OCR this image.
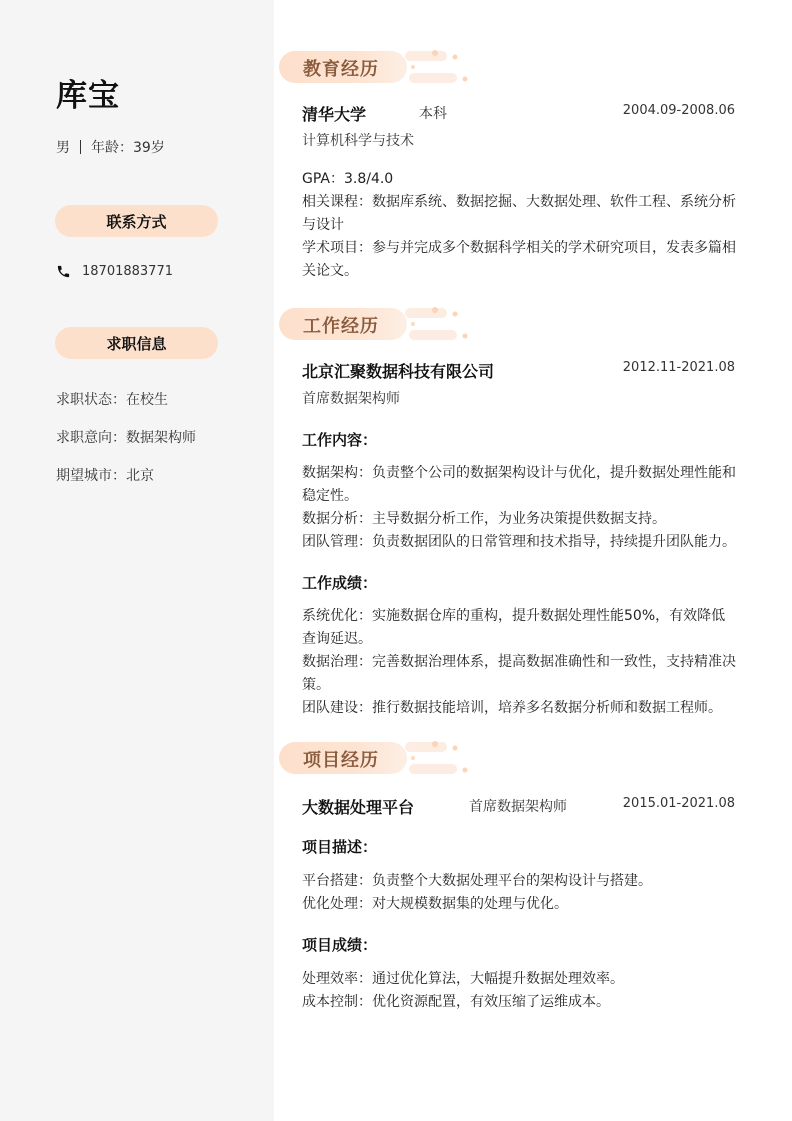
库宝
男 年龄：39岁
联系方式
18701883771
求职信息
求职状态：在校生
求职意向：数据架构师
期望城市：北京
教育经历
清华大学	本科	2004.09-2008.06
计算机科学与技术
GPA：3.8/4.0
相关课程：数据库系统、数据挖掘、大数据处理、软件工程、系统分析与设计
学术项目：参与并完成多个数据科学相关的学术研究项目，发表多篇相关论文。
工作经历
北京汇聚数据科技有限公司	2012.11-2021.08
首席数据架构师
工作内容：
数据架构：负责整个公司的数据架构设计与优化，提升数据处理性能和稳定性。
数据分析：主导数据分析工作，为业务决策提供数据支持。
团队管理：负责数据团队的日常管理和技术指导，持续提升团队能力。
工作成绩：
系统优化：实施数据仓库的重构，提升数据处理性能50%，有效降低查询延迟。
数据治理：完善数据治理体系，提高数据准确性和一致性，支持精准决策。
团队建设：推行数据技能培训，培养多名数据分析师和数据工程师。
项目经历
大数据处理平台	首席数据架构师	2015.01-2021.08
项目描述：
平台搭建：负责整个大数据处理平台的架构设计与搭建。
优化处理：对大规模数据集的处理与优化。
项目成绩：
处理效率：通过优化算法，大幅提升数据处理效率。
成本控制：优化资源配置，有效压缩了运维成本。
